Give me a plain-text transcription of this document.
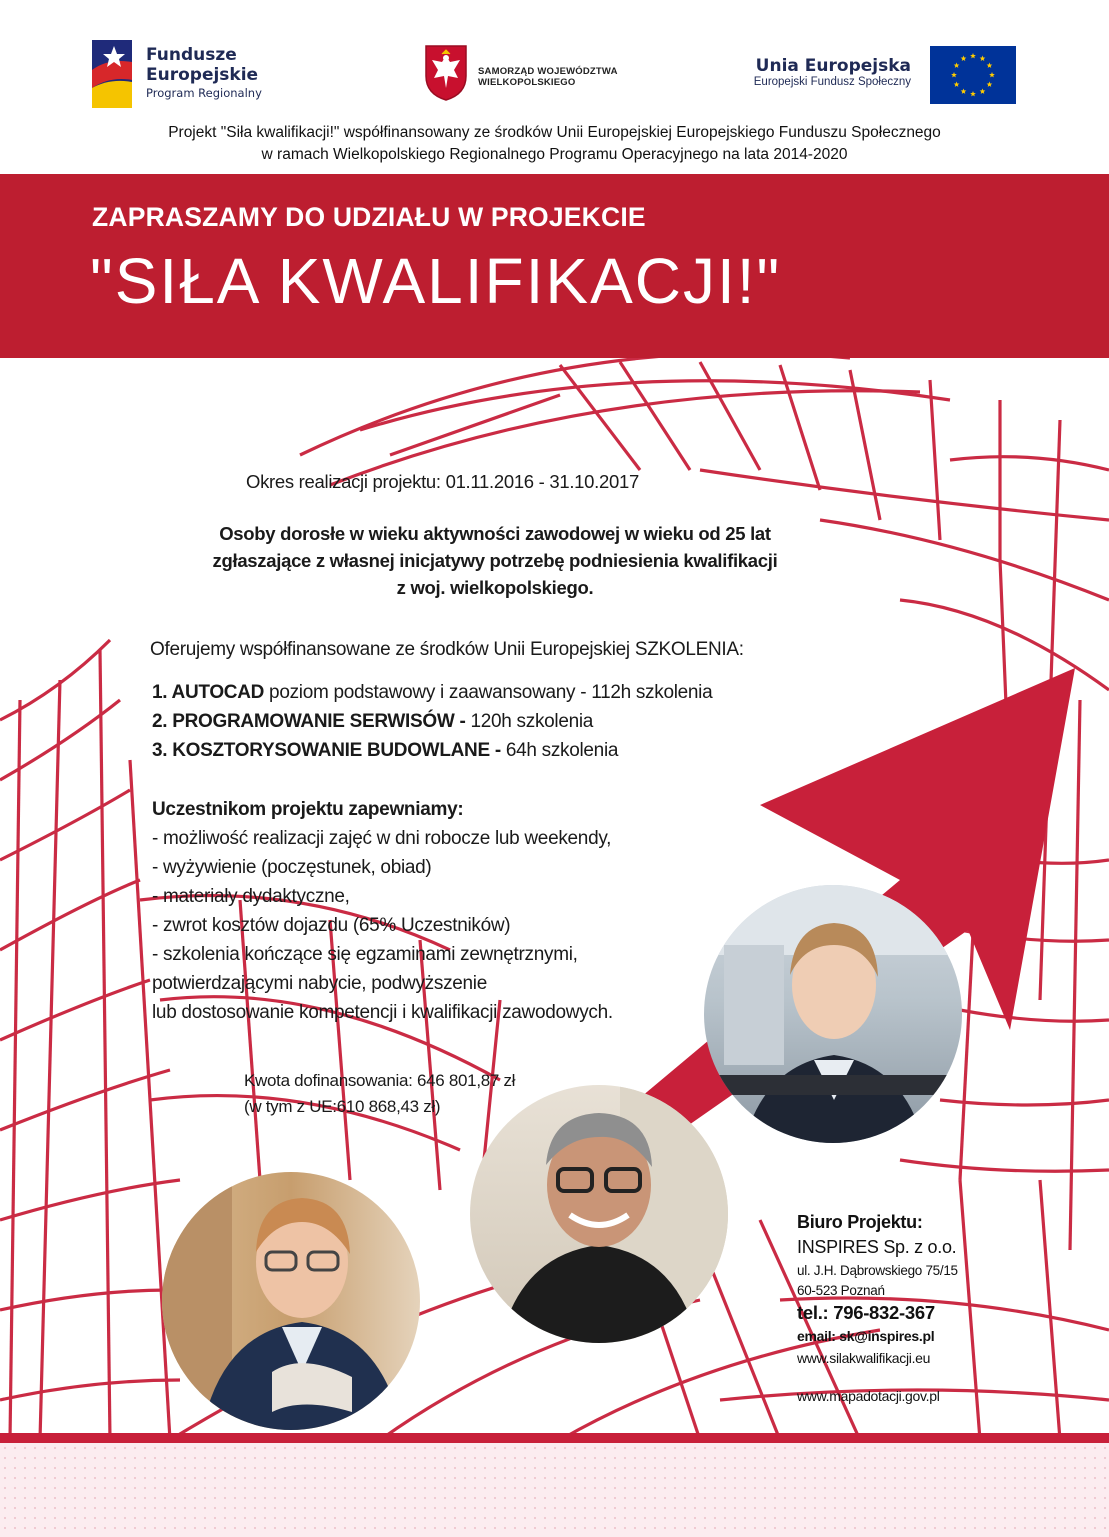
Fundusze
Europejskie
Program Regionalny
SAMORZĄD WOJEWÓDZTWA
WIELKOPOLSKIEGO
Unia Europejska
Europejski Fundusz Społeczny
Projekt "Siła kwalifikacji!" współfinansowany ze środków Unii Europejskiej Europejskiego Funduszu Społecznego
w ramach Wielkopolskiego Regionalnego Programu Operacyjnego na lata 2014-2020
ZAPRASZAMY DO UDZIAŁU W PROJEKCIE
"SIŁA KWALIFIKACJI!"
Okres realizacji projektu: 01.11.2016 - 31.10.2017
Osoby dorosłe w wieku aktywności zawodowej w wieku od 25 lat
zgłaszające z własnej inicjatywy potrzebę podniesienia kwalifikacji
z woj. wielkopolskiego.
Oferujemy współfinansowane ze środków Unii Europejskiej SZKOLENIA:
1. AUTOCAD poziom podstawowy i zaawansowany - 112h szkolenia
2. PROGRAMOWANIE SERWISÓW - 120h szkolenia
3. KOSZTORYSOWANIE BUDOWLANE - 64h szkolenia
Uczestnikom projektu zapewniamy:
- możliwość realizacji zajęć w dni robocze lub weekendy,
- wyżywienie (poczęstunek, obiad)
- materiały dydaktyczne,
- zwrot kosztów dojazdu (65% Uczestników)
- szkolenia kończące się egzaminami zewnętrznymi,
potwierdzającymi nabycie, podwyższenie
lub dostosowanie kompetencji i kwalifikacji zawodowych.
Kwota dofinansowania: 646 801,87 zł
(w tym z UE:610 868,43 zł)
Biuro Projektu:
INSPIRES Sp. z o.o.
ul. J.H. Dąbrowskiego 75/15
60-523 Poznań
tel.: 796-832-367
email: sk@inspires.pl
www.silakwalifikacji.eu
www.mapadotacji.gov.pl
